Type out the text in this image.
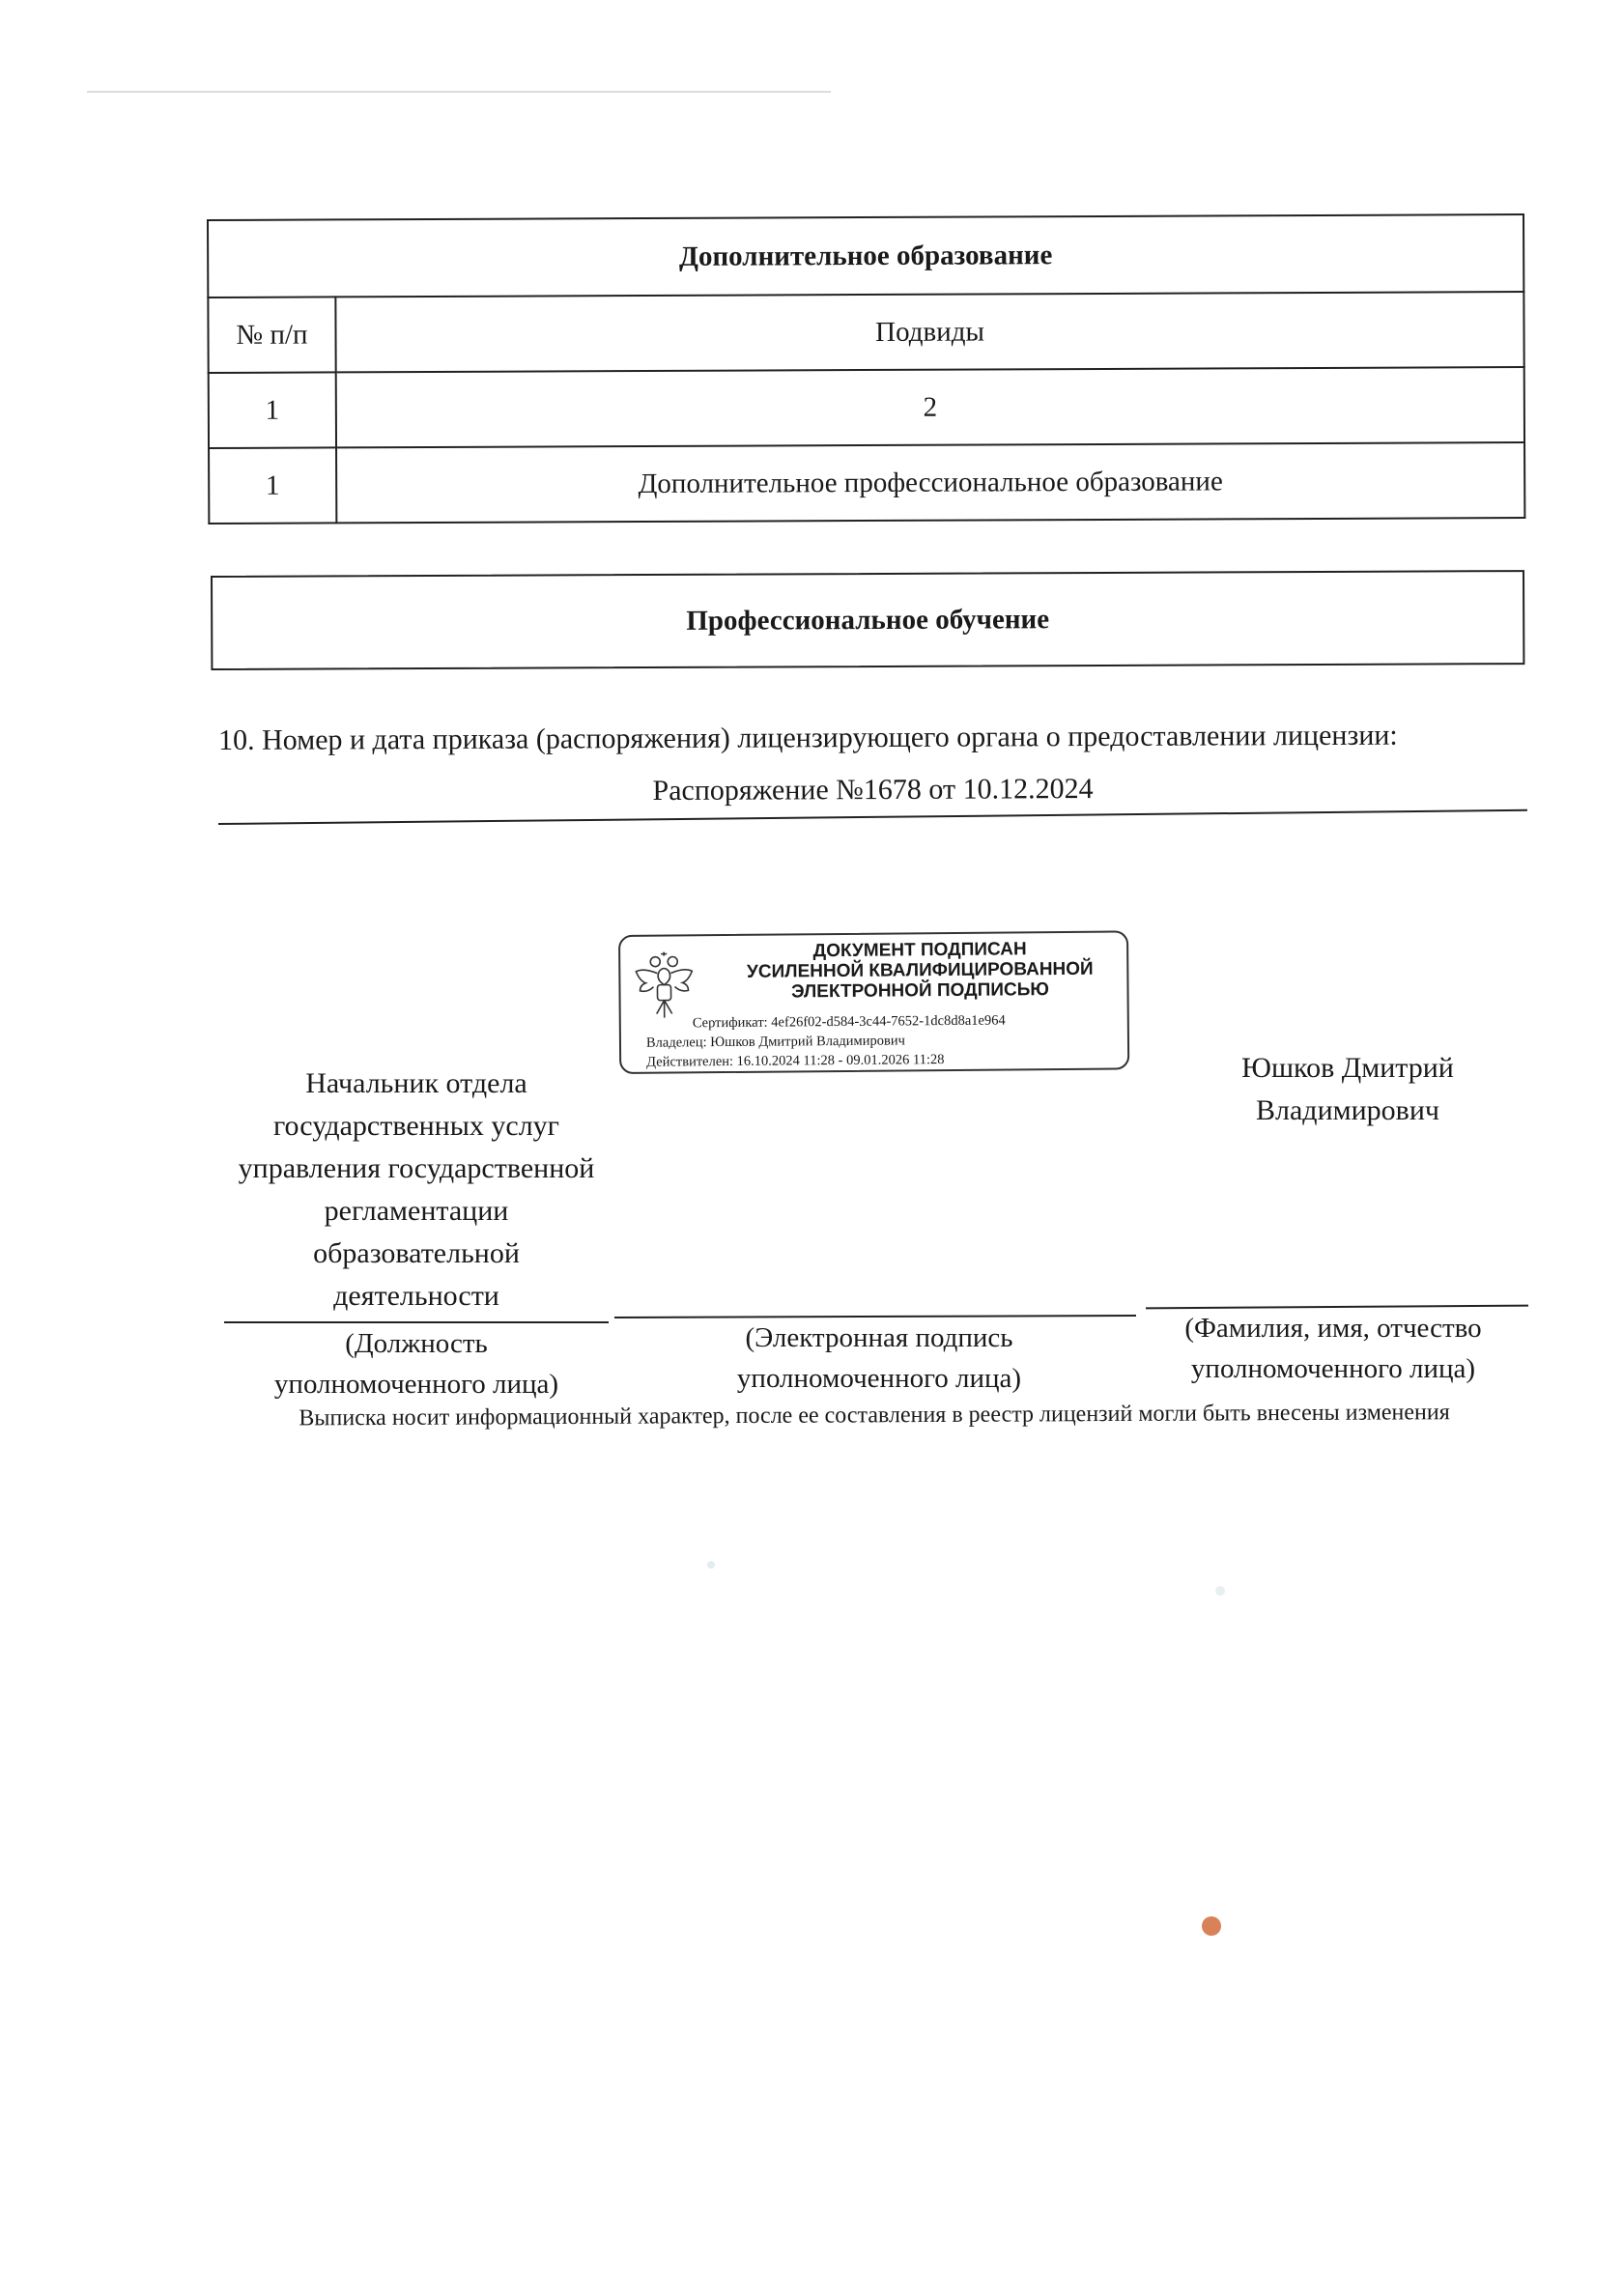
Дополнительное образование	
№ п/п	Подвиды
1	2
1	Дополнительное профессиональное образование
Профессиональное обучение
10. Номер и дата приказа (распоряжения) лицензирующего органа о предоставлении лицензии:
Распоряжение №1678 от 10.12.2024
ДОКУМЕНТ ПОДПИСАН
УСИЛЕННОЙ КВАЛИФИЦИРОВАННОЙ
ЭЛЕКТРОННОЙ ПОДПИСЬЮ
Сертификат: 4ef26f02-d584-3c44-7652-1dc8d8a1e964
Владелец: Юшков Дмитрий Владимирович
Действителен: 16.10.2024 11:28 - 09.01.2026 11:28
Начальник отдела
государственных услуг
управления государственной
регламентации
образовательной
деятельности
Юшков Дмитрий
Владимирович
(Должность
уполномоченного лица)
(Электронная подпись
уполномоченного лица)
(Фамилия, имя, отчество
уполномоченного лица)
Выписка носит информационный характер, после ее составления в реестр лицензий могли быть внесены изменения
